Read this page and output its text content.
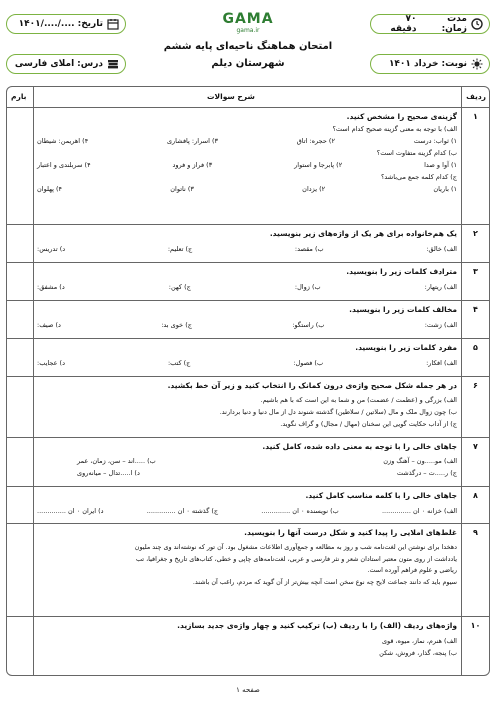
مدت زمان:
۷۰ دقیقه
تاریخ:
..../..../۱۴۰۱
نوبت:
خرداد ۱۴۰۱
درس:
املای فارسی
GAMA
gama.ir
امتحان هماهنگ ناحیه‌ای پایه ششم
شهرستان دیلم
ردیف
شرح سوالات
بارم
۱
گزینه‌ی صحیح را مشخص کنید.
الف) با توجه به معنی گزینه صحیح کدام است؟
۱) ثواب: درست
۲) حجره: اتاق
۳) اسرار: پافشاری
۴) اهریمن: شیطان
ب) کدام گزینه متفاوت است؟
۱) آوا و صدا
۲) پابرجا و استوار
۳) فراز و فرود
۴) سربلندی و اعتبار
ج) کدام کلمه جمع می‌باشد؟
۱) باریان
۲) یزدان
۳) ناتوان
۴) پهلوان
۲
یک هم‌خانواده برای هر یک از واژه‌های زیر بنویسید.
الف) خالق:
ب) مقصد:
ج) تعلیم:
د) تدریس:
۳
مترادف کلمات زیر را بنویسید.
الف) ریتهار:
ب) زوال:
ج) کهن:
د) مشفق:
۴
مخالف کلمات زیر را بنویسید.
الف) زشت:
ب) راستگو:
ج) خوی بد:
د) صیف:
۵
مفرد کلمات زیر را بنویسید.
الف) افکار:
ب) فصول:
ج) کتب:
د) عجایب:
۶
در هر جمله شکل صحیح واژه‌ی درون کمانک را انتخاب کنید و زیر آن خط بکشید.
الف) بزرگی و (عظمت / عضمت) من و شما به این است که با هم باشیم.
ب) چون زوال ملک و مال (سلاتین / سلاطین) گذشته شنوند دل از مال دنیا و دنیا بردارند.
ج) از آداب حکایت گویی این سخنان (مهال / مجال) و گراف نگوید.
۷
جاهای خالی را با توجه به معنی داده شده، کامل کنید.
الف) مو.....ون – آهنگ وزن
ب) .....اند – سن، زمان، عمر
ج) ر.....ت – درگذشت
د) ا.....تدال – میانه‌روی
۸
جاهای خالی را با کلمه مناسب کامل کنید.
الف) خزانه ۰ ان ..............
ب) نویسنده ۰ ان ..............
ج) گذشته ۰ ان ..............
د) ایران ۰ ان ..............
۹
غلط‌های املایی را پیدا کنید و شکل درست آنها را بنویسید.
دهخدا برای نوشتن این لغت‌نامه شب و روز به مطالعه و جمع‌آوری اطلاعات مشغول بود. آن تور که نوشته‌اند وی چند ملیون
یادداشت از روی متون معتبر استادان شعر و نثر فارسی و عربی، لغت‌نامه‌های چاپی و خطی، کتاب‌های تاریخ و جغرافیا، تب
ریاضی و علوم فراهم آورده است.
سیوم باید که دانند جماعت لایح چه نوع سخن است آنچه بیش‌تر از آن گوید که مردم، راغب آن باشند.
۱۰
واژه‌های ردیف (الف) را با ردیف (ب) ترکیب کنید و چهار واژه‌ی جدید بسازید.
الف) هنرم، نماز، میوه، قوی
ب) پنجه، گذار، فروش، شکن
صفحه ۱
